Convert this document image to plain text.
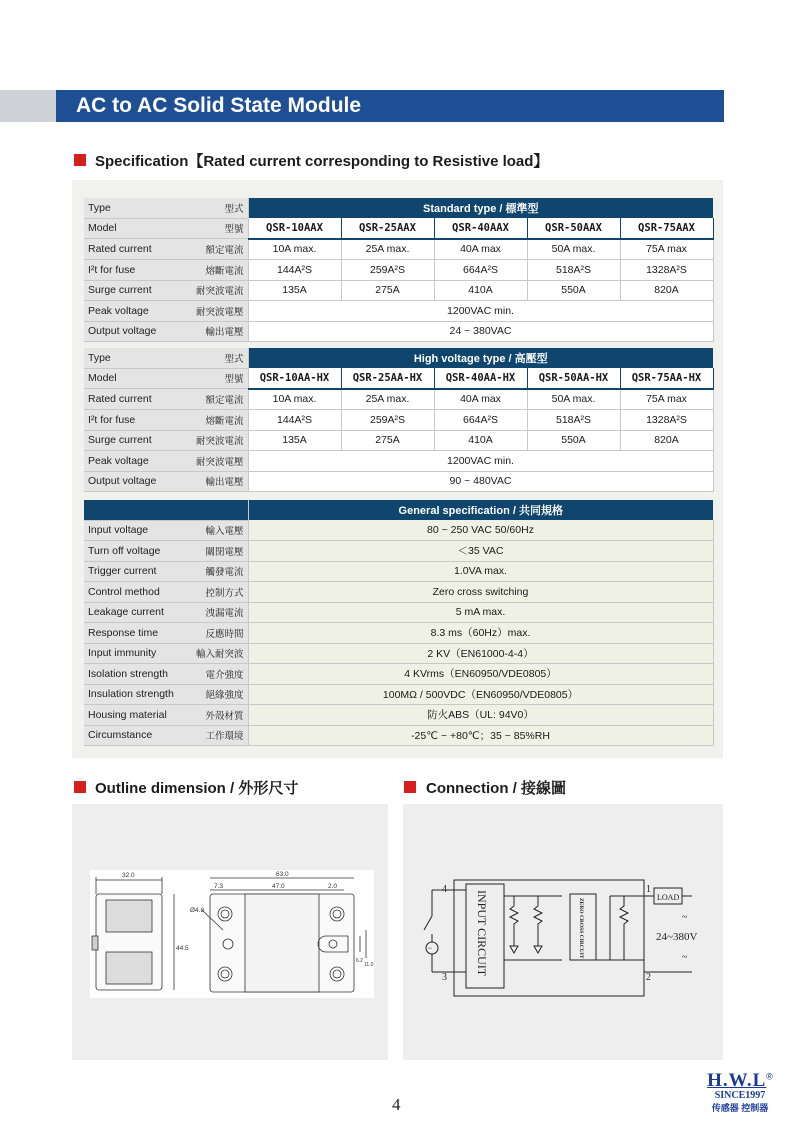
AC to AC Solid State Module
Specification【Rated current corresponding to Resistive load】
Type	型式	Standard type / 標準型				
Model	型號	QSR-10AAX	QSR-25AAX	QSR-40AAX	QSR-50AAX	QSR-75AAX
Rated current	額定電流	10A max.	25A max.	40A max	50A max.	75A max
I²t for fuse	熔斷電流	144A²S	259A²S	664A²S	518A²S	1328A²S
Surge current	耐突波電流	135A	275A	410A	550A	820A
Peak voltage	耐突波電壓	1200VAC min.				
Output voltage	輸出電壓	24 ~ 380VAC				
Type	型式	High voltage type / 高壓型				
Model	型號	QSR-10AA-HX	QSR-25AA-HX	QSR-40AA-HX	QSR-50AA-HX	QSR-75AA-HX
Rated current	額定電流	10A max.	25A max.	40A max	50A max.	75A max
I²t for fuse	熔斷電流	144A²S	259A²S	664A²S	518A²S	1328A²S
Surge current	耐突波電流	135A	275A	410A	550A	820A
Peak voltage	耐突波電壓	1200VAC min.				
Output voltage	輸出電壓	90 ~ 480VAC				
		General specification / 共同規格
Input voltage	輸入電壓	80 ~ 250 VAC 50/60Hz
Turn off voltage	關閉電壓	＜35 VAC
Trigger current	觸發電流	1.0VA max.
Control method	控制方式	Zero cross switching
Leakage current	洩漏電流	5 mA max.
Response time	反應時間	8.3 ms（60Hz）max.
Input immunity	輸入耐突波	2 KV（EN61000-4-4）
Isolation strength	電介強度	4 KVrms（EN60950/VDE0805）
Insulation strength	絕緣強度	100MΩ / 500VDC（EN60950/VDE0805）
Housing material	外殼材質	防火ABS（UL: 94V0）
Circumstance	工作環境	-25℃ ~ +80℃；35 ~ 85%RH
Outline dimension / 外形尺寸
32.0	63.0
7.3	47.0	2.0
Ø4.8
44.5
6.2
11.0
Connection / 接線圖
4
3
1
2
LOAD
24~380V
~
~
~	INPUT CIRCUIT	ZERO CROSS CIRCUIT
4
H.W.L®
SINCE1997
传感器 控制器
